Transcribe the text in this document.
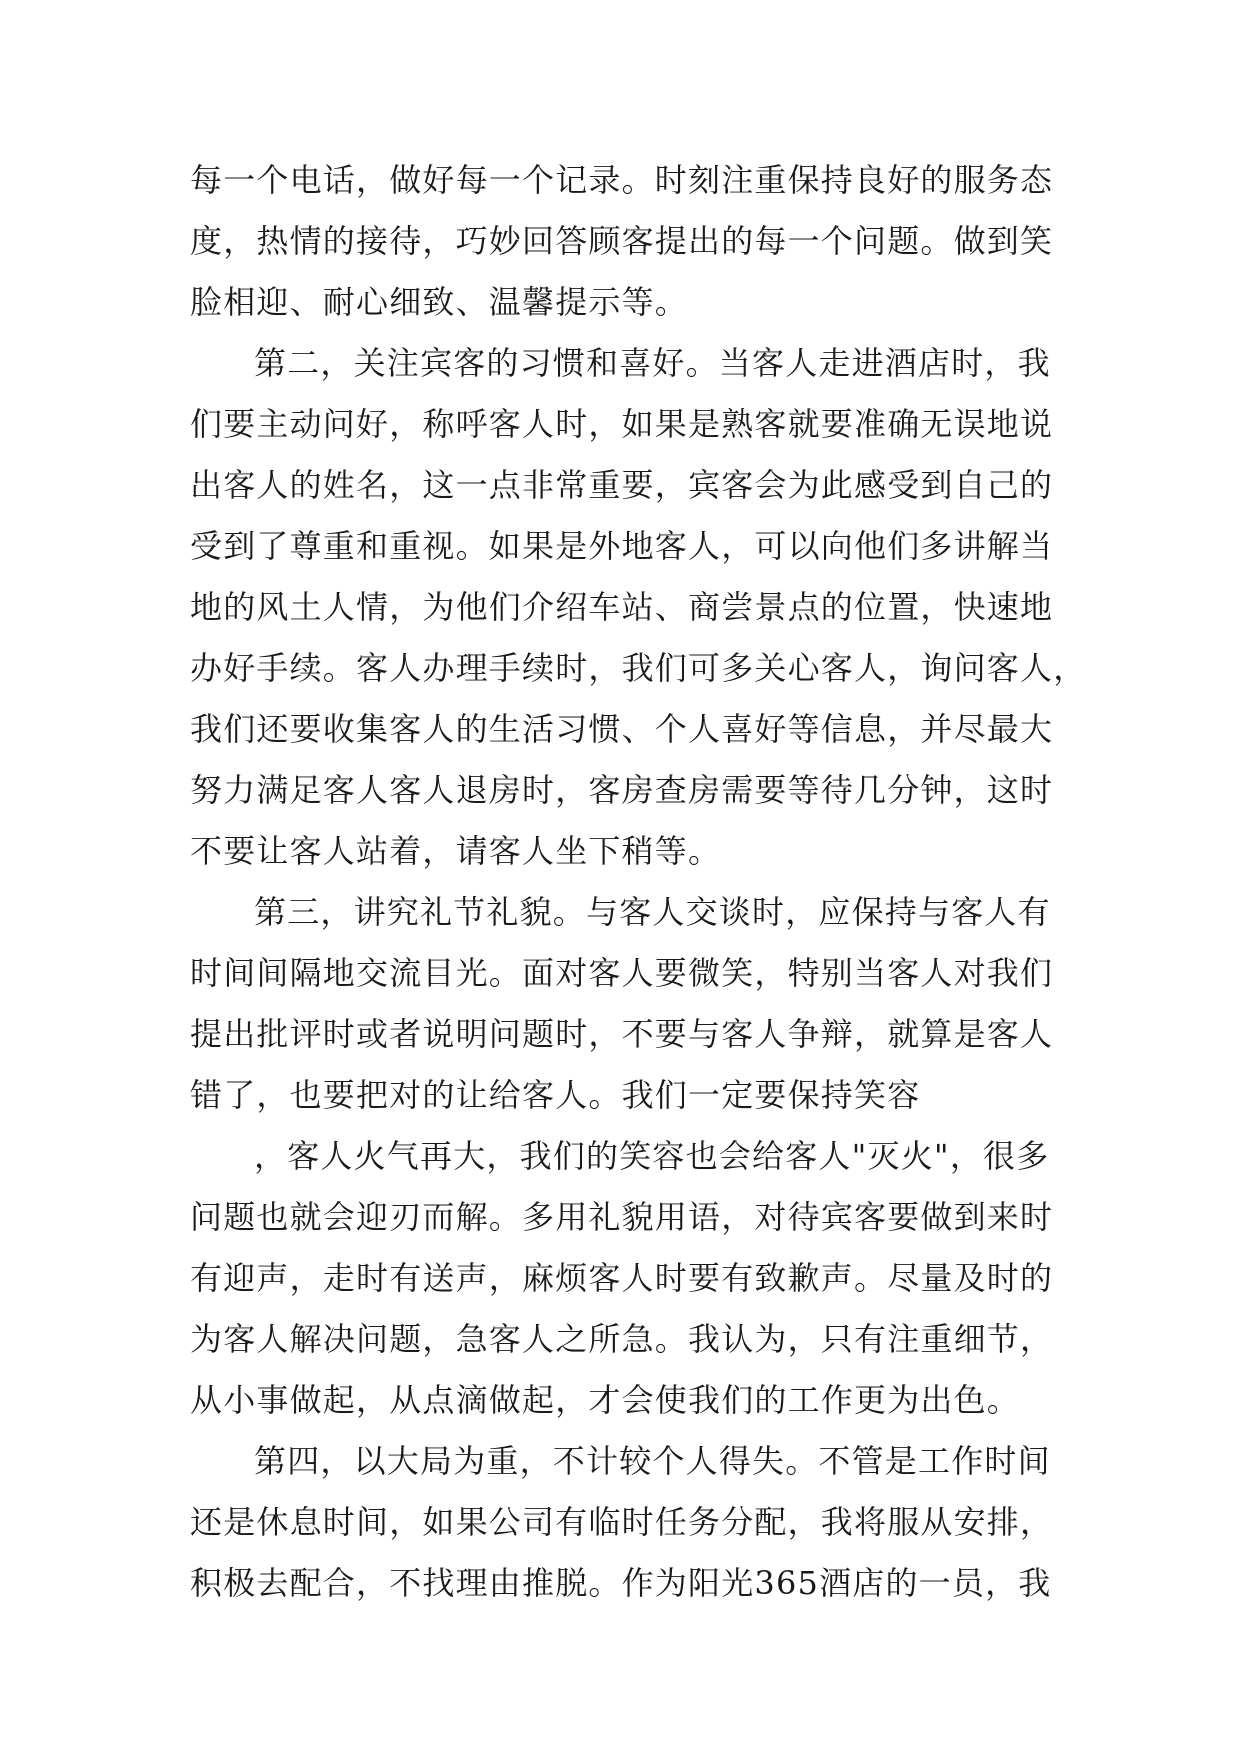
每一个电话，做好每一个记录。时刻注重保持良好的服务态
度，热情的接待，巧妙回答顾客提出的每一个问题。做到笑
脸相迎、耐心细致、温馨提示等。
第二，关注宾客的习惯和喜好。当客人走进酒店时，我
们要主动问好，称呼客人时，如果是熟客就要准确无误地说
出客人的姓名，这一点非常重要，宾客会为此感受到自己的
受到了尊重和重视。如果是外地客人，可以向他们多讲解当
地的风土人情，为他们介绍车站、商尝景点的位置，快速地
办好手续。客人办理手续时，我们可多关心客人，询问客人，
我们还要收集客人的生活习惯、个人喜好等信息，并尽最大
努力满足客人客人退房时，客房查房需要等待几分钟，这时
不要让客人站着，请客人坐下稍等。
第三，讲究礼节礼貌。与客人交谈时，应保持与客人有
时间间隔地交流目光。面对客人要微笑，特别当客人对我们
提出批评时或者说明问题时，不要与客人争辩，就算是客人
错了，也要把对的让给客人。我们一定要保持笑容
，客人火气再大，我们的笑容也会给客人"灭火"，很多
问题也就会迎刃而解。多用礼貌用语，对待宾客要做到来时
有迎声，走时有送声，麻烦客人时要有致歉声。尽量及时的
为客人解决问题，急客人之所急。我认为，只有注重细节，
从小事做起，从点滴做起，才会使我们的工作更为出色。
第四，以大局为重，不计较个人得失。不管是工作时间
还是休息时间，如果公司有临时任务分配，我将服从安排，
积极去配合，不找理由推脱。作为阳光365酒店的一员，我
